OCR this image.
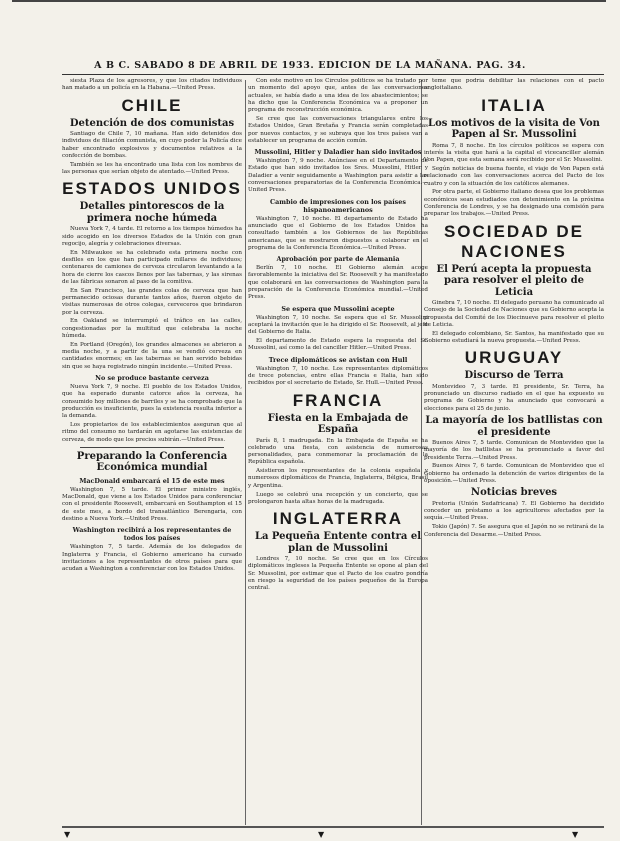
A B C. SABADO 8 DE ABRIL DE 1933. EDICION DE LA MAÑANA. PAG. 34.

siesta Plaza de los agresores, y que los citados individuos han matado a un policía en la Habana.—United Press.

CHILE
Detención de dos comunistas

Santiago de Chile 7, 10 mañana. Han sido detenidos dos individuos de filiación comunista, en cuyo poder la Policía dice haber encontrado explosivos y documentos relativos a la confección de bombas.

También se les ha encontrado una lista con los nombres de las personas que serían objeto de atentado.—United Press.

ESTADOS UNIDOS
Detalles pintorescos de la primera noche húmeda

Nueva York 7, 4 tarde. El retorno a los tiempos húmedos ha sido acogido en los diversos Estados de la Unión con gran regocijo, alegría y celebraciones diversas.

En Milwaukee se ha celebrado esta primera noche con desfiles en los que han participado millares de individuos; centenares de camiones de cerveza circularon levantando a la hora de cierre los cascos llenos por las tabernas, y las sirenas de las fábricas sonaron al paso de la comitiva.

En San Francisco, las grandes colas de cerveza que han permanecido ociosas durante tantos años, fueron objeto de visitas numerosas de otros colegas, cerveceros que brindaron por la cerveza.

En Oakland se interrumpió el tráfico en las calles, congestionadas por la multitud que celebraba la noche húmeda.

En Portland (Oregón), los grandes almacenes se abrieron a media noche, y a partir de la una se vendió cerveza en cantidades enormes; en las tabernas se han servido bebidas sin que se haya registrado ningún incidente.—United Press.

No se produce bastante cerveza

Nueva York 7, 9 noche. El pueblo de los Estados Unidos, que ha esperado durante catorce años la cerveza, ha consumido hoy millones de barriles y se ha comprobado que la producción es insuficiente, pues la existencia resulta inferior a la demanda.

Los propietarios de los establecimientos aseguran que al ritmo del consumo no tardarán en agotarse las existencias de cerveza, de modo que los precios subirán.—United Press.

Preparando la Conferencia Económica mundial
MacDonald embarcará el 15 de este mes

Washington 7, 5 tarde. El primer ministro inglés, MacDonald, que viene a los Estados Unidos para conferenciar con el presidente Roosevelt, embarcará en Southampton el 15 de este mes, a bordo del transatlántico Berengaria, con destino a Nueva York.—United Press.

Washington recibirá a los representantes de todos los países

Washington 7, 5 tarde. Además de los delegados de Inglaterra y Francia, el Gobierno americano ha cursado invitaciones a los representantes de otros países para que acudan a Washington a conferenciar con los Estados Unidos.

Con este motivo en los Círculos políticos se ha tratado por un momento del apoyo que, antes de las conversaciones actuales, se había dado a una idea de los abastecimientos; se ha dicho que la Conferencia Económica va a proponer un programa de reconstrucción económica.

Se cree que las conversaciones triangulares entre los Estados Unidos, Gran Bretaña y Francia serán completadas por nuevos contactos, y se subraya que los tres países van a establecer un programa de acción común.

Mussolini, Hitler y Daladier han sido invitados

Washington 7, 9 noche. Anúnciase en el Departamento de Estado que han sido invitados los Sres. Mussolini, Hitler y Daladier a venir seguidamente a Washington para asistir a las conversaciones preparatorias de la Conferencia Económica.—United Press.

Cambio de impresiones con los países hispanoamericanos

Washington 7, 10 noche. El departamento de Estado ha anunciado que el Gobierno de los Estados Unidos ha consultado también a los Gobiernos de las Repúblicas americanas, que se mostraron dispuestos a colaborar en el programa de la Conferencia Económica.—United Press.

Aprobación por parte de Alemania

Berlín 7, 10 noche. El Gobierno alemán acoge favorablemente la iniciativa del Sr. Roosevelt y ha manifestado que colaborará en las conversaciones de Washington para la preparación de la Conferencia Económica mundial.—United Press.

Se espera que Mussolini acepte

Washington 7, 10 noche. Se espera que el Sr. Mussolini aceptará la invitación que le ha dirigido el Sr. Roosevelt, al jefe del Gobierno de Italia.

El departamento de Estado espera la respuesta del Sr. Mussolini, así como la del canciller Hitler.—United Press.

Trece diplomáticos se avistan con Hull

Washington 7, 10 noche. Los representantes diplomáticos de trece potencias, entre ellas Francia e Italia, han sido recibidos por el secretario de Estado, Sr. Hull.—United Press.

FRANCIA
Fiesta en la Embajada de España

París 8, 1 madrugada. En la Embajada de España se ha celebrado una fiesta, con asistencia de numerosas personalidades, para conmemorar la proclamación de la República española.

Asistieron los representantes de la colonia española y numerosos diplomáticos de Francia, Inglaterra, Bélgica, Brasil y Argentina.

Luego se celebró una recepción y un concierto, que se prolongaron hasta altas horas de la madrugada.

INGLATERRA
La Pequeña Entente contra el plan de Mussolini

Londres 7, 10 noche. Se cree que en los Círculos diplomáticos ingleses la Pequeña Entente se opone al plan del Sr. Mussolini, por estimar que el Pacto de los cuatro pondría en riesgo la seguridad de los países pequeños de la Europa central.

teme que podría debilitar las relaciones con el pacto angloitaliano.

ITALIA
Los motivos de la visita de Von Papen al Sr. Mussolini

Roma 7, 8 noche. En los círculos políticos se espera con interés la visita que hará a la capital el vicecanciller alemán Von Papen, que esta semana será recibido por el Sr. Mussolini.

Según noticias de buena fuente, el viaje de Von Papen está relacionado con las conversaciones acerca del Pacto de los cuatro y con la situación de los católicos alemanes.

Por otra parte, el Gobierno italiano desea que los problemas económicos sean estudiados con detenimiento en la próxima Conferencia de Londres, y se ha designado una comisión para preparar los trabajos.—United Press.

SOCIEDAD DE NACIONES
El Perú acepta la propuesta para resolver el pleito de Leticia

Ginebra 7, 10 noche. El delegado peruano ha comunicado al Consejo de la Sociedad de Naciones que su Gobierno acepta la propuesta del Comité de los Diecinueve para resolver el pleito de Leticia.

El delegado colombiano, Sr. Santos, ha manifestado que su Gobierno estudiará la nueva propuesta.—United Press.

URUGUAY
Discurso de Terra

Montevideo 7, 3 tarde. El presidente, Sr. Terra, ha pronunciado un discurso radiado en el que ha expuesto su programa de Gobierno y ha anunciado que convocará a elecciones para el 25 de junio.

La mayoría de los batllistas con el presidente

Buenos Aires 7, 5 tarde. Comunican de Montevideo que la mayoría de los batllistas se ha pronunciado a favor del presidente Terra.—United Press.

Buenos Aires 7, 6 tarde. Comunican de Montevideo que el Gobierno ha ordenado la detención de varios dirigentes de la oposición.—United Press.

Noticias breves

Pretoria (Unión Sudafricana) 7. El Gobierno ha decidido conceder un préstamo a los agricultores afectados por la sequía.—United Press.

Tokio (Japón) 7. Se asegura que el Japón no se retirará de la Conferencia del Desarme.—United Press.

▼	▼	▼
